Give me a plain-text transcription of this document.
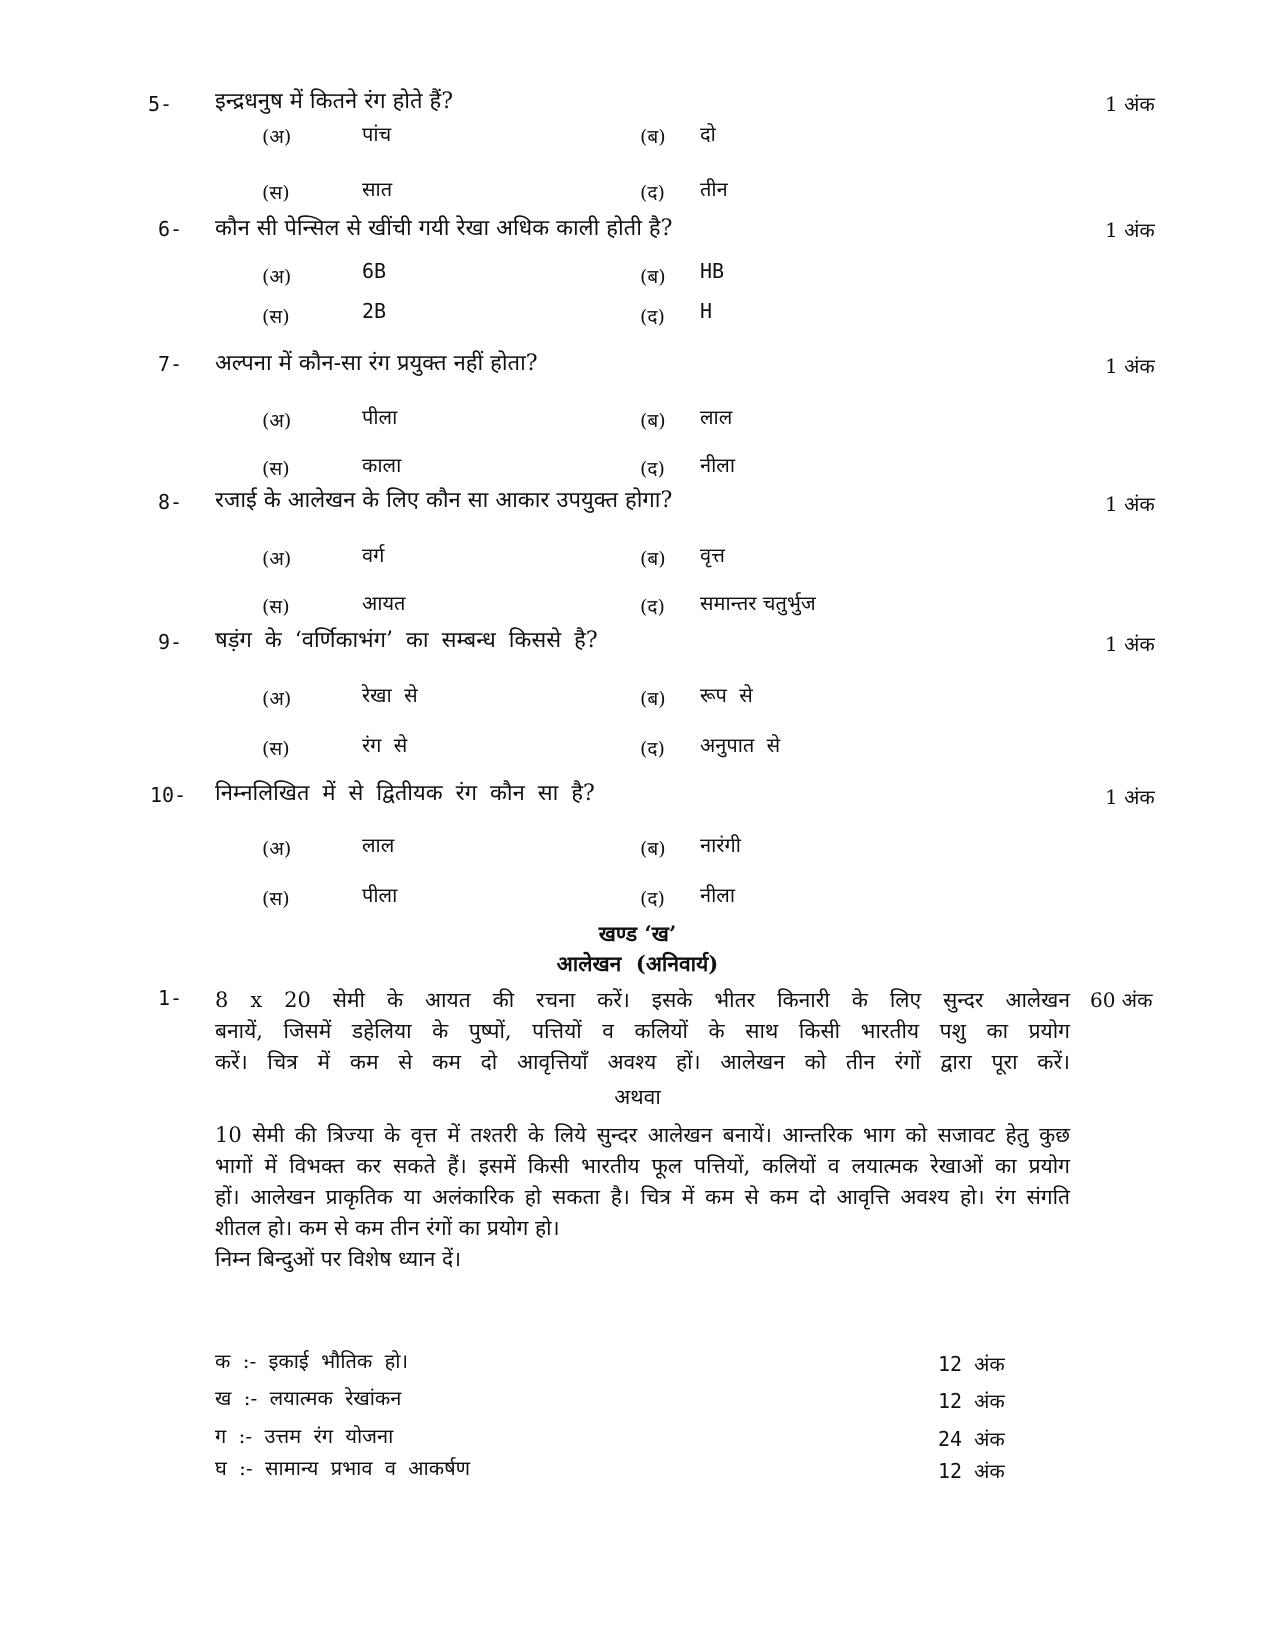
5- इन्द्रधनुष में कितने रंग होते हैं?	1 अंक
(अ)	पांच	(ब) दो
(स)	सात	(द) तीन
6- कौन सी पेन्सिल से खींची गयी रेखा अधिक काली होती है?	1 अंक
(अ)	6B	(ब) HB
(स)	2B	(द) H
7- अल्पना में कौन-सा रंग प्रयुक्त नहीं होता?	1 अंक
(अ)	पीला	(ब) लाल
(स)	काला	(द) नीला
8- रजाई के आलेखन के लिए कौन सा आकार उपयुक्त होगा?	1 अंक
(अ)	वर्ग	(ब) वृत्त
(स)	आयत	(द) समान्तर चतुर्भुज
9- षड़ंग के ‘वर्णिकाभंग’ का सम्बन्ध किससे है?	1 अंक
(अ)	रेखा से	(ब) रूप से
(स)	रंग से	(द) अनुपात से
10- निम्नलिखित में से द्वितीयक रंग कौन सा है?	1 अंक
(अ)	लाल	(ब) नारंगी
(स)	पीला	(द) नीला
खण्ड ‘ख’
आलेखन  (अनिवार्य)
1-	60 अंक
8 x 20 सेमी के आयत की रचना करें। इसके भीतर किनारी के लिए सुन्दर आलेखन
बनायें, जिसमें डहेलिया के पुष्पों, पत्तियों व कलियों के साथ किसी भारतीय पशु का प्रयोग
करें। चित्र में कम से कम दो आवृत्तियाँ अवश्य हों। आलेखन को तीन रंगों द्वारा पूरा करें।
अथवा
10 सेमी की त्रिज्या के वृत्त में तश्तरी के लिये सुन्दर आलेखन बनायें। आन्तरिक भाग को सजावट हेतु कुछ
भागों में विभक्त कर सकते हैं। इसमें किसी भारतीय फूल पत्तियों, कलियों व लयात्मक रेखाओं का प्रयोग
हों। आलेखन प्राकृतिक या अलंकारिक हो सकता है। चित्र में कम से कम दो आवृत्ति अवश्य हो। रंग संगति
शीतल हो। कम से कम तीन रंगों का प्रयोग हो।
निम्न बिन्दुओं पर विशेष ध्यान दें।
क :- इकाई भौतिक हो।	12 अंक
ख :- लयात्मक रेखांकन	12 अंक
ग :- उत्तम रंग योजना	24 अंक
घ :- सामान्य प्रभाव व आकर्षण	12 अंक
